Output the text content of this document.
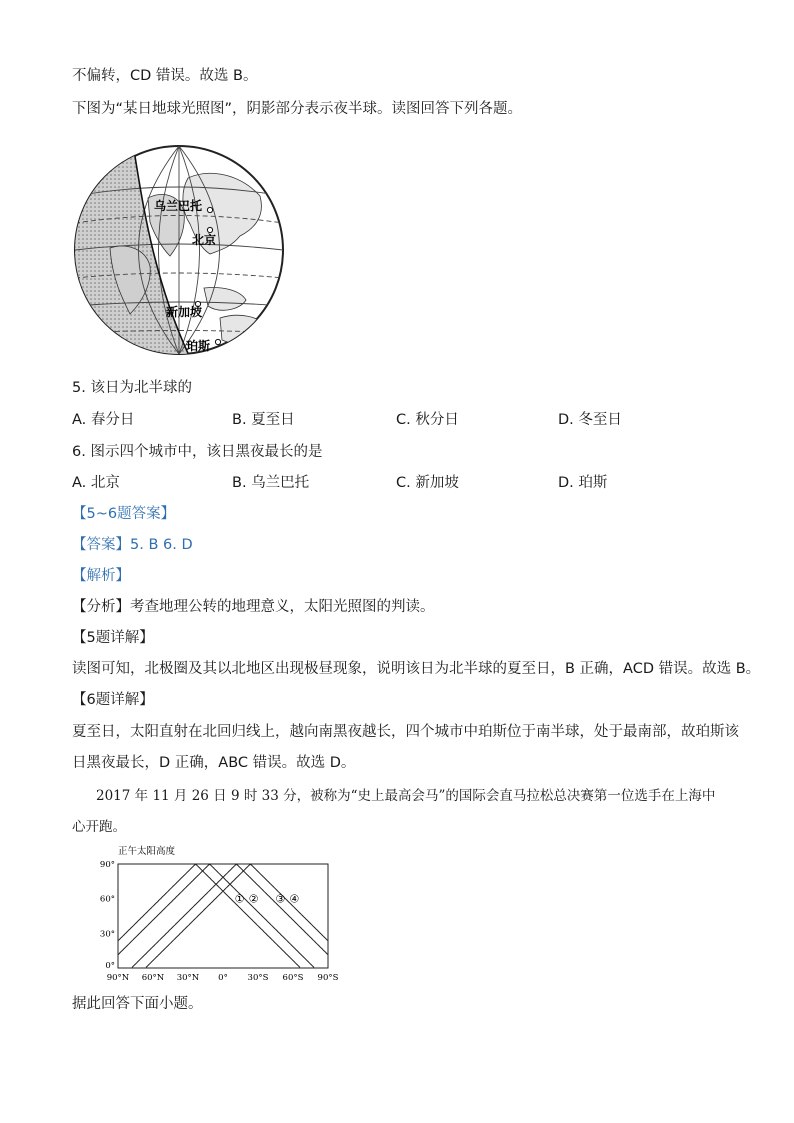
不偏转，CD 错误。故选 B。
下图为“某日地球光照图”，阴影部分表示夜半球。读图回答下列各题。
乌兰巴托
北京
新加坡
珀斯
5. 该日为北半球的
A. 春分日	B. 夏至日	C. 秋分日	D. 冬至日
6. 图示四个城市中，该日黑夜最长的是
A. 北京	B. 乌兰巴托	C. 新加坡	D. 珀斯
【5~6题答案】
【答案】5. B 6. D
【解析】
【分析】考查地理公转的地理意义，太阳光照图的判读。
【5题详解】
读图可知，北极圈及其以北地区出现极昼现象，说明该日为北半球的夏至日，B 正确，ACD 错误。故选 B。
【6题详解】
夏至日，太阳直射在北回归线上，越向南黑夜越长，四个城市中珀斯位于南半球，处于最南部，故珀斯该
日黑夜最长，D 正确，ABC 错误。故选 D。
2017 年 11 月 26 日 9 时 33 分，被称为“史上最高会马”的国际会直马拉松总决赛第一位选手在上海中
心开跑。
正午太阳高度
90°
60°
30°
0°
90°N 60°N 30°N 0° 30°S 60°S 90°S
① ② ③ ④
据此回答下面小题。
